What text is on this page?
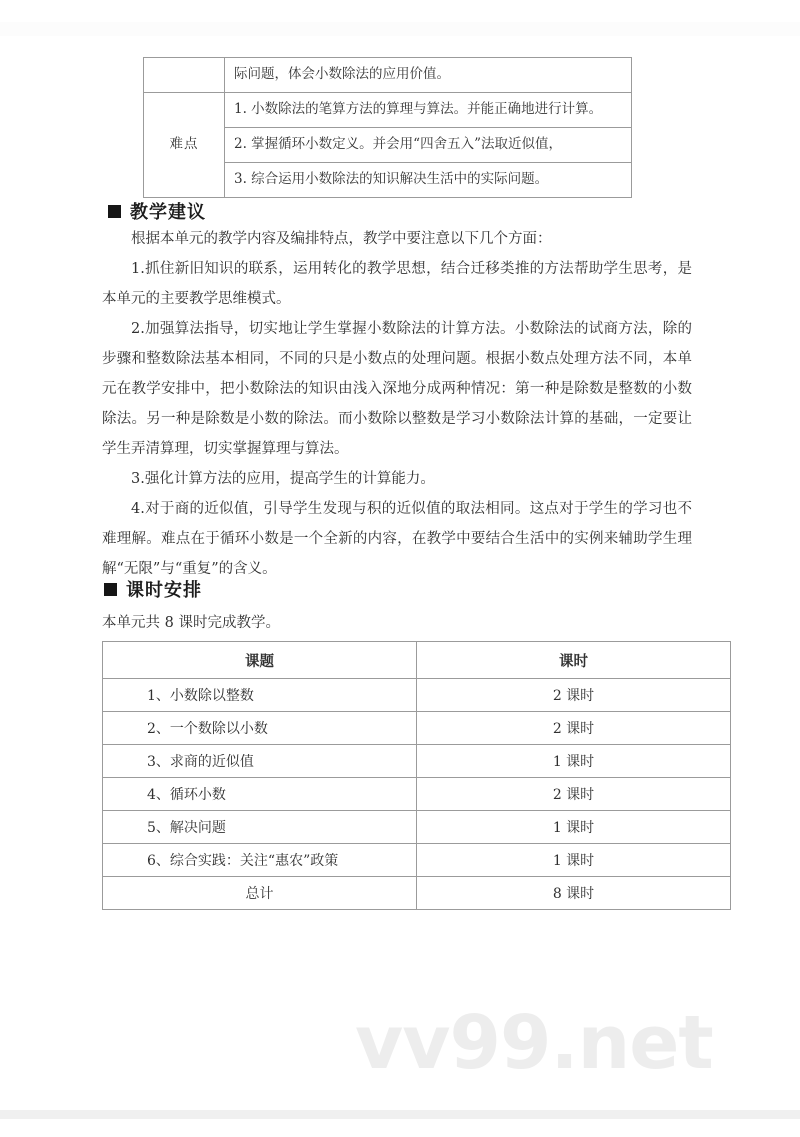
	际问题，体会小数除法的应用价值。
难点	1. 小数除法的笔算方法的算理与算法。并能正确地进行计算。
	2. 掌握循环小数定义。并会用“四舍五入”法取近似值，
	3. 综合运用小数除法的知识解决生活中的实际问题。
教学建议

根据本单元的教学内容及编排特点，教学中要注意以下几个方面：

1.抓住新旧知识的联系，运用转化的教学思想，结合迁移类推的方法帮助学生思考，是本单元的主要教学思维模式。

2.加强算法指导，切实地让学生掌握小数除法的计算方法。小数除法的试商方法，除的步骤和整数除法基本相同，不同的只是小数点的处理问题。根据小数点处理方法不同，本单元在教学安排中，把小数除法的知识由浅入深地分成两种情况：第一种是除数是整数的小数除法。另一种是除数是小数的除法。而小数除以整数是学习小数除法计算的基础，一定要让学生弄清算理，切实掌握算理与算法。

3.强化计算方法的应用，提高学生的计算能力。

4.对于商的近似值，引导学生发现与积的近似值的取法相同。这点对于学生的学习也不难理解。难点在于循环小数是一个全新的内容，在教学中要结合生活中的实例来辅助学生理解“无限”与“重复”的含义。

课时安排
本单元共 8 课时完成教学。
课题	课时
1、小数除以整数	2 课时
2、一个数除以小数	2 课时
3、求商的近似值	1 课时
4、循环小数	2 课时
5、解决问题	1 课时
6、综合实践：关注“惠农”政策	1 课时
总计	8 课时
vv99.net
